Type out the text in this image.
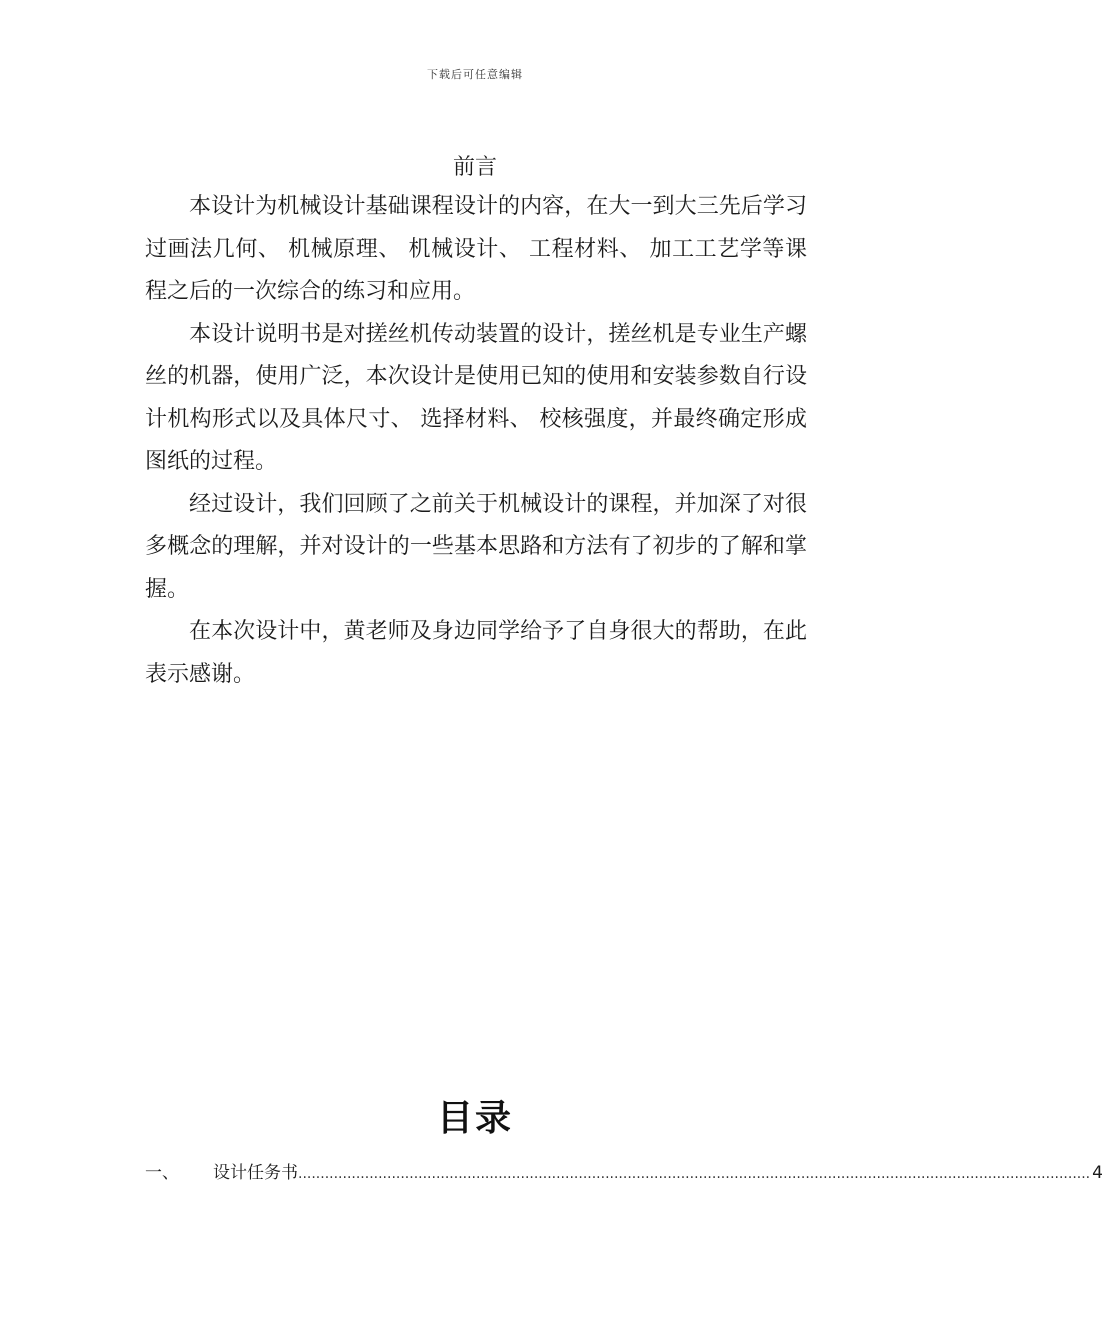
下载后可任意编辑
前言

本设计为机械设计基础课程设计的内容，在大一到大三先后学习过画法几何、 机械原理、 机械设计、 工程材料、 加工工艺学等课程之后的一次综合的练习和应用。

本设计说明书是对搓丝机传动装置的设计，搓丝机是专业生产螺丝的机器，使用广泛，本次设计是使用已知的使用和安装参数自行设计机构形式以及具体尺寸、 选择材料、 校核强度，并最终确定形成图纸的过程。

经过设计，我们回顾了之前关于机械设计的课程，并加深了对很多概念的理解，并对设计的一些基本思路和方法有了初步的了解和掌握。

在本次设计中，黄老师及身边同学给予了自身很大的帮助，在此表示感谢。

目录
一、	设计任务书 .................................................................................................................................................................................. 4
